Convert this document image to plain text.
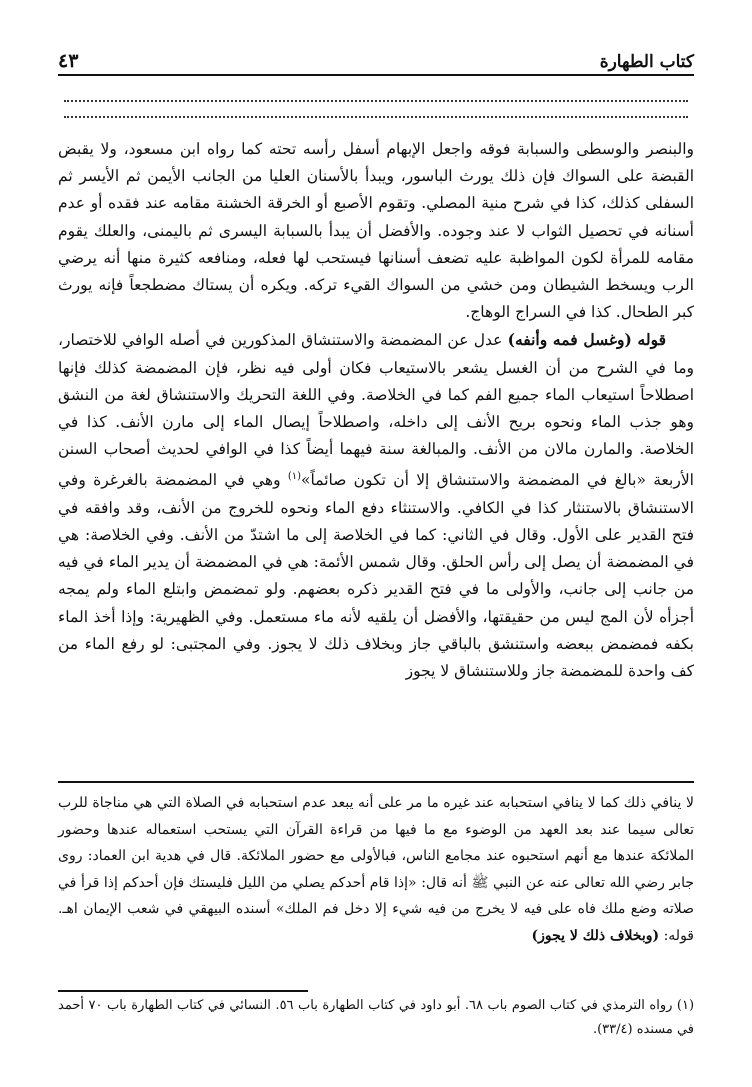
٤٣	كتاب الطهارة

والبنصر والوسطى والسبابة فوقه واجعل الإبهام أسفل رأسه تحته كما رواه ابن مسعود، ولا يقبض القبضة على السواك فإن ذلك يورث الباسور، ويبدأ بالأسنان العليا من الجانب الأيمن ثم الأيسر ثم السفلى كذلك، كذا في شرح منية المصلي. وتقوم الأصبع أو الخرقة الخشنة مقامه عند فقده أو عدم أسنانه في تحصيل الثواب لا عند وجوده. والأفضل أن يبدأ بالسبابة اليسرى ثم باليمنى، والعلك يقوم مقامه للمرأة لكون المواظبة عليه تضعف أسنانها فيستحب لها فعله، ومنافعه كثيرة منها أنه يرضي الرب ويسخط الشيطان ومن خشي من السواك القيء تركه. ويكره أن يستاك مضطجعاً فإنه يورث كبر الطحال. كذا في السراج الوهاج.

قوله (وغسل فمه وأنفه) عدل عن المضمضة والاستنشاق المذكورين في أصله الوافي للاختصار، وما في الشرح من أن الغسل يشعر بالاستيعاب فكان أولى فيه نظر، فإن المضمضة كذلك فإنها اصطلاحاً استيعاب الماء جميع الفم كما في الخلاصة. وفي اللغة التحريك والاستنشاق لغة من النشق وهو جذب الماء ونحوه بريح الأنف إلى داخله، واصطلاحاً إيصال الماء إلى مارن الأنف. كذا في الخلاصة. والمارن مالان من الأنف. والمبالغة سنة فيهما أيضاً كذا في الوافي لحديث أصحاب السنن الأربعة «بالغ في المضمضة والاستنشاق إلا أن تكون صائماً»$^{(١)}$ وهي في المضمضة بالغرغرة وفي الاستنشاق بالاستنثار كذا في الكافي. والاستنثاء دفع الماء ونحوه للخروج من الأنف، وقد وافقه في فتح القدير على الأول. وقال في الثاني: كما في الخلاصة إلى ما اشتدّ من الأنف. وفي الخلاصة: هي في المضمضة أن يصل إلى رأس الحلق. وقال شمس الأئمة: هي في المضمضة أن يدير الماء في فيه من جانب إلى جانب، والأولى ما في فتح القدير ذكره بعضهم. ولو تمضمض وابتلع الماء ولم يمجه أجزأه لأن المج ليس من حقيقتها، والأفضل أن يلقيه لأنه ماء مستعمل. وفي الظهيرية: وإذا أخذ الماء بكفه فمضمض ببعضه واستنشق بالباقي جاز وبخلاف ذلك لا يجوز. وفي المجتبى: لو رفع الماء من كف واحدة للمضمضة جاز وللاستنشاق لا يجوز

لا ينافي ذلك كما لا ينافي استحبابه عند غيره ما مر على أنه يبعد عدم استحبابه في الصلاة التي هي مناجاة للرب تعالى سيما عند بعد العهد من الوضوء مع ما فيها من قراءة القرآن التي يستحب استعماله عندها وحضور الملائكة عندها مع أنهم استحبوه عند مجامع الناس، فبالأولى مع حضور الملائكة. قال في هدية ابن العماد: روى جابر رضي الله تعالى عنه عن النبي ﷺ أنه قال: «إذا قام أحدكم يصلي من الليل فليستك فإن أحدكم إذا قرأ في صلاته وضع ملك فاه على فيه لا يخرج من فيه شيء إلا دخل فم الملك» أسنده البيهقي في شعب الإيمان اهـ. قوله: (وبخلاف ذلك لا يجوز)
(١) رواه الترمذي في كتاب الصوم باب ٦٨. أبو داود في كتاب الطهارة باب ٥٦. النسائي في كتاب الطهارة باب ٧٠ أحمد في مسنده (٣٣/٤).
